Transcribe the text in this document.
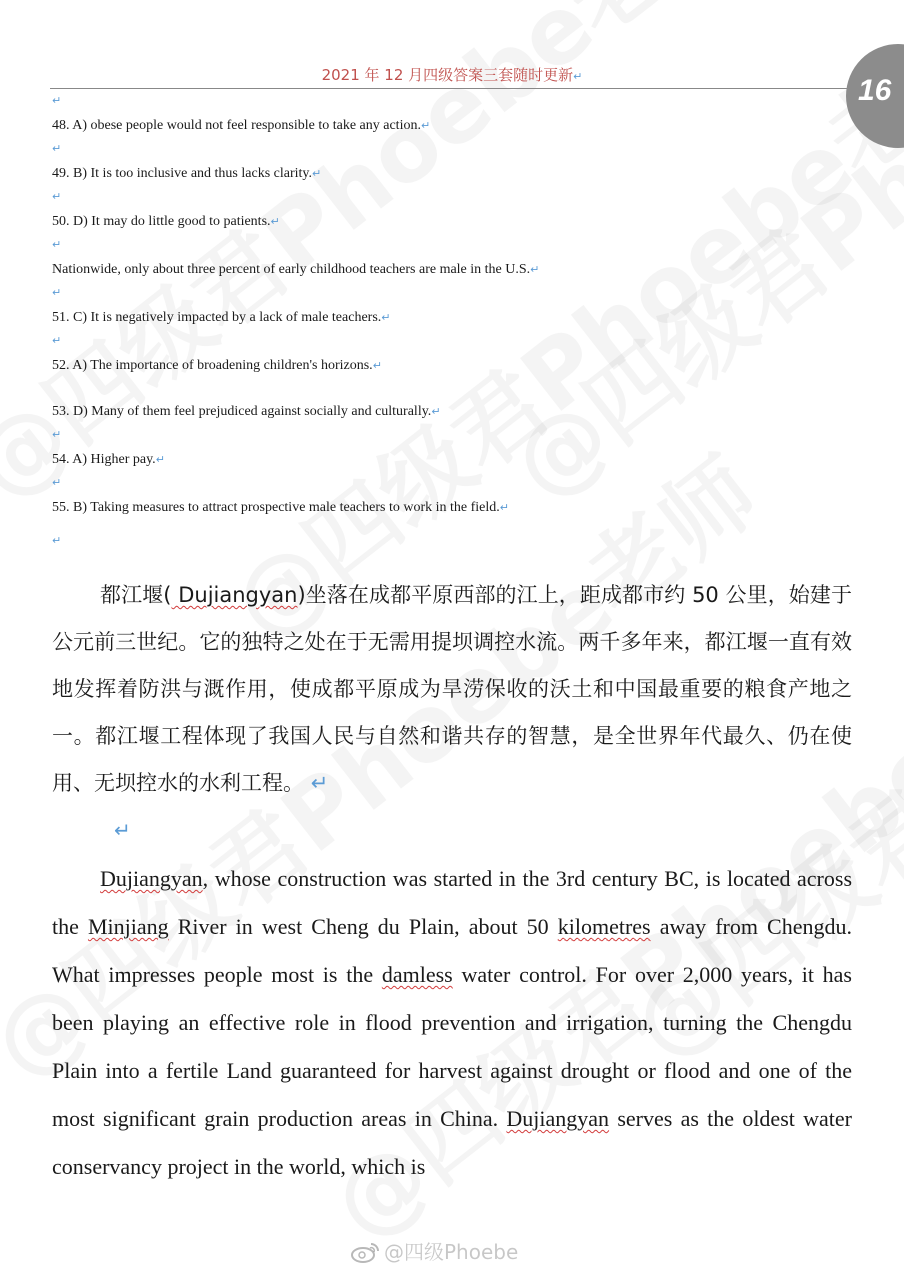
2021 年 12 月四级答案三套随时更新↵	16
↵
48. A) obese people would not feel responsible to take any action.↵
↵
49. B) It is too inclusive and thus lacks clarity.↵
↵
50. D) It may do little good to patients.↵
↵
Nationwide, only about three percent of early childhood teachers are male in the U.S.↵
↵
51. C) It is negatively impacted by a lack of male teachers.↵
↵
52. A) The importance of broadening children's horizons.↵
53. D) Many of them feel prejudiced against socially and culturally.↵
↵
54. A) Higher pay.↵
↵
55. B) Taking measures to attract prospective male teachers to work in the field.↵
↵
都江堰( Dujiangyan)坐落在成都平原西部的江上，距成都市约 50 公里，始建于公元前三世纪。它的独特之处在于无需用提坝调控水流。两千多年来，都江堰一直有效地发挥着防洪与溉作用，使成都平原成为旱涝保收的沃土和中国最重要的粮食产地之一。都江堰工程体现了我国人民与自然和谐共存的智慧，是全世界年代最久、仍在使用、无坝控水的水利工程。 ↵
↵
Dujiangyan, whose construction was started in the 3rd century BC, is located across the Minjiang River in west Cheng du Plain, about 50 kilometres away from Chengdu. What impresses people most is the damless water control. For over 2,000 years, it has been playing an effective role in flood prevention and irrigation, turning the Chengdu Plain into a fertile Land guaranteed for harvest against drought or flood and one of the most significant grain production areas in China. Dujiangyan serves as the oldest water conservancy project in the world, which is
@四级Phoebe
